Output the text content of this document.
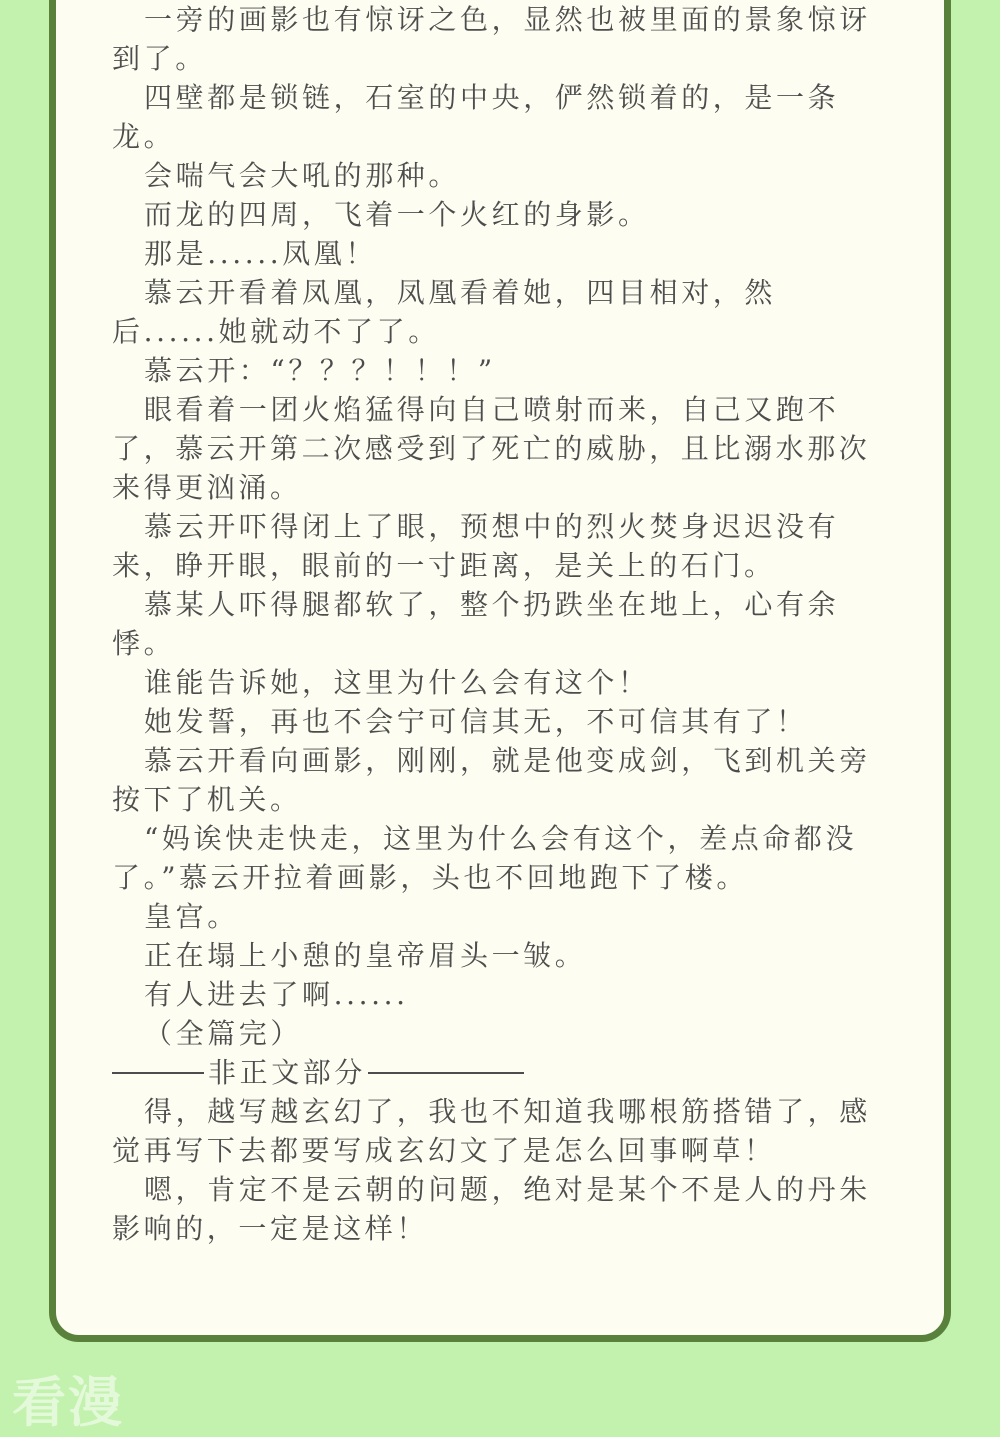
一旁的画影也有惊讶之色，显然也被里面的景象惊讶
到了。
四壁都是锁链，石室的中央，俨然锁着的，是一条
龙。
会喘气会大吼的那种。
而龙的四周，飞着一个火红的身影。
那是......凤凰！
慕云开看着凤凰，凤凰看着她，四目相对，然
后......她就动不了了。
慕云开：“？？？！！！”
眼看着一团火焰猛得向自己喷射而来，自己又跑不
了，慕云开第二次感受到了死亡的威胁，且比溺水那次
来得更汹涌。
慕云开吓得闭上了眼，预想中的烈火焚身迟迟没有
来，睁开眼，眼前的一寸距离，是关上的石门。
慕某人吓得腿都软了，整个扔跌坐在地上，心有余
悸。
谁能告诉她，这里为什么会有这个！
她发誓，再也不会宁可信其无，不可信其有了！
慕云开看向画影，刚刚，就是他变成剑，飞到机关旁
按下了机关。
“妈诶快走快走，这里为什么会有这个，差点命都没
了。”慕云开拉着画影，头也不回地跑下了楼。
皇宫。
正在塌上小憩的皇帝眉头一皱。
有人进去了啊......
（全篇完）
非正文部分
得，越写越玄幻了，我也不知道我哪根筋搭错了，感
觉再写下去都要写成玄幻文了是怎么回事啊草！
嗯，肯定不是云朝的问题，绝对是某个不是人的丹朱
影响的，一定是这样！
看漫
